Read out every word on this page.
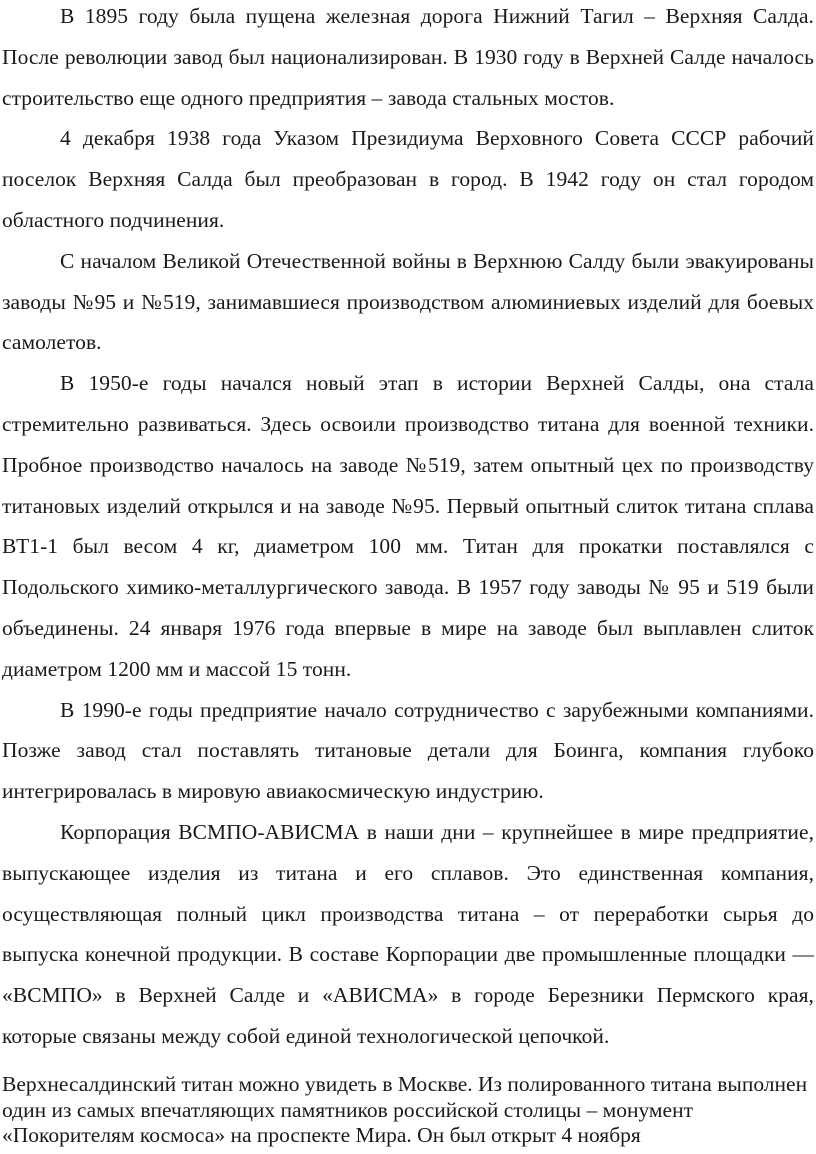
В 1895 году была пущена железная дорога Нижний Тагил – Верхняя Салда. После революции завод был национализирован. В 1930 году в Верхней Салде началось строительство еще одного предприятия – завода стальных мостов.

4 декабря 1938 года Указом Президиума Верховного Совета СССР рабочий поселок Верхняя Салда был преобразован в город. В 1942 году он стал городом областного подчинения.

С началом Великой Отечественной войны в Верхнюю Салду были эвакуированы заводы №95 и №519, занимавшиеся производством алюминиевых изделий для боевых самолетов.

В 1950-е годы начался новый этап в истории Верхней Салды, она стала стремительно развиваться. Здесь освоили производство титана для военной техники. Пробное производство началось на заводе №519, затем опытный цех по производству титановых изделий открылся и на заводе №95. Первый опытный слиток титана сплава ВТ1-1 был весом 4 кг, диаметром 100 мм. Титан для прокатки поставлялся с Подольского химико-металлургического завода. В 1957 году заводы № 95 и 519 были объединены. 24 января 1976 года впервые в мире на заводе был выплавлен слиток диаметром 1200 мм и массой 15 тонн.

В 1990-е годы предприятие начало сотрудничество с зарубежными компаниями. Позже завод стал поставлять титановые детали для Боинга, компания глубоко интегрировалась в мировую авиакосмическую индустрию.

Корпорация ВСМПО-АВИСМА в наши дни – крупнейшее в мире предприятие, выпускающее изделия из титана и его сплавов. Это единственная компания, осуществляющая полный цикл производства титана – от переработки сырья до выпуска конечной продукции. В составе Корпорации две промышленные площадки — «ВСМПО» в Верхней Салде и «АВИСМА» в городе Березники Пермского края, которые связаны между собой единой технологической цепочкой.

Верхнесалдинский титан можно увидеть в Москве. Из полированного титана выполнен один из самых впечатляющих памятников российской столицы – монумент «Покорителям космоса» на проспекте Мира. Он был открыт 4 ноября
